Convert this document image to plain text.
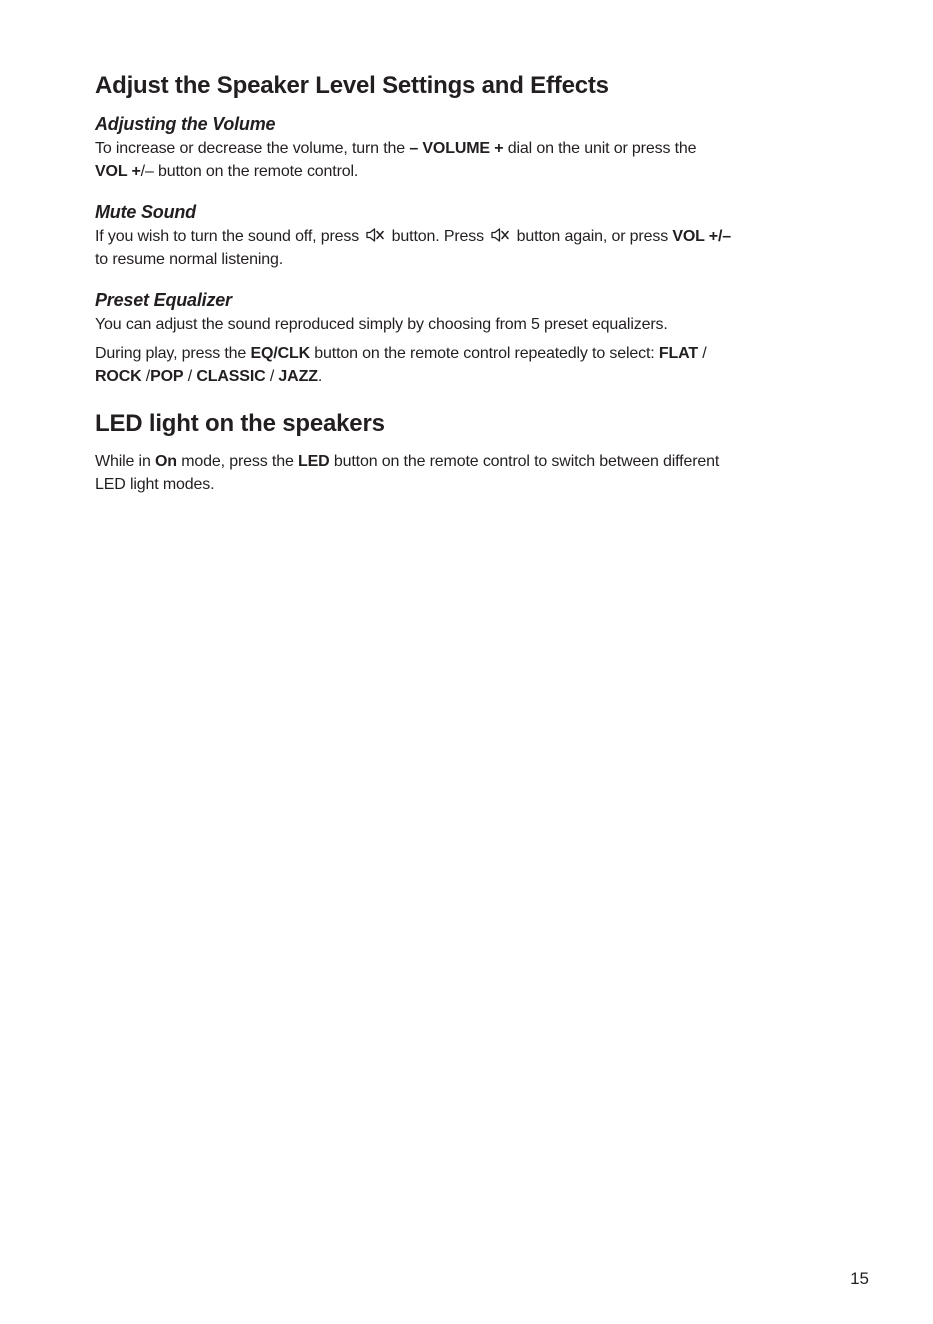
Adjust the Speaker Level Settings and Effects
Adjusting the Volume

To increase or decrease the volume, turn the – VOLUME + dial on the unit or press the
VOL +/– button on the remote control.

Mute Sound

If you wish to turn the sound off, press  button. Press  button again, or press VOL +/–
to resume normal listening.

Preset Equalizer

You can adjust the sound reproduced simply by choosing from 5 preset equalizers.

During play, press the EQ/CLK button on the remote control repeatedly to select: FLAT /
ROCK /POP / CLASSIC / JAZZ.

LED light on the speakers

While in On mode, press the LED button on the remote control to switch between different
LED light modes.

15
